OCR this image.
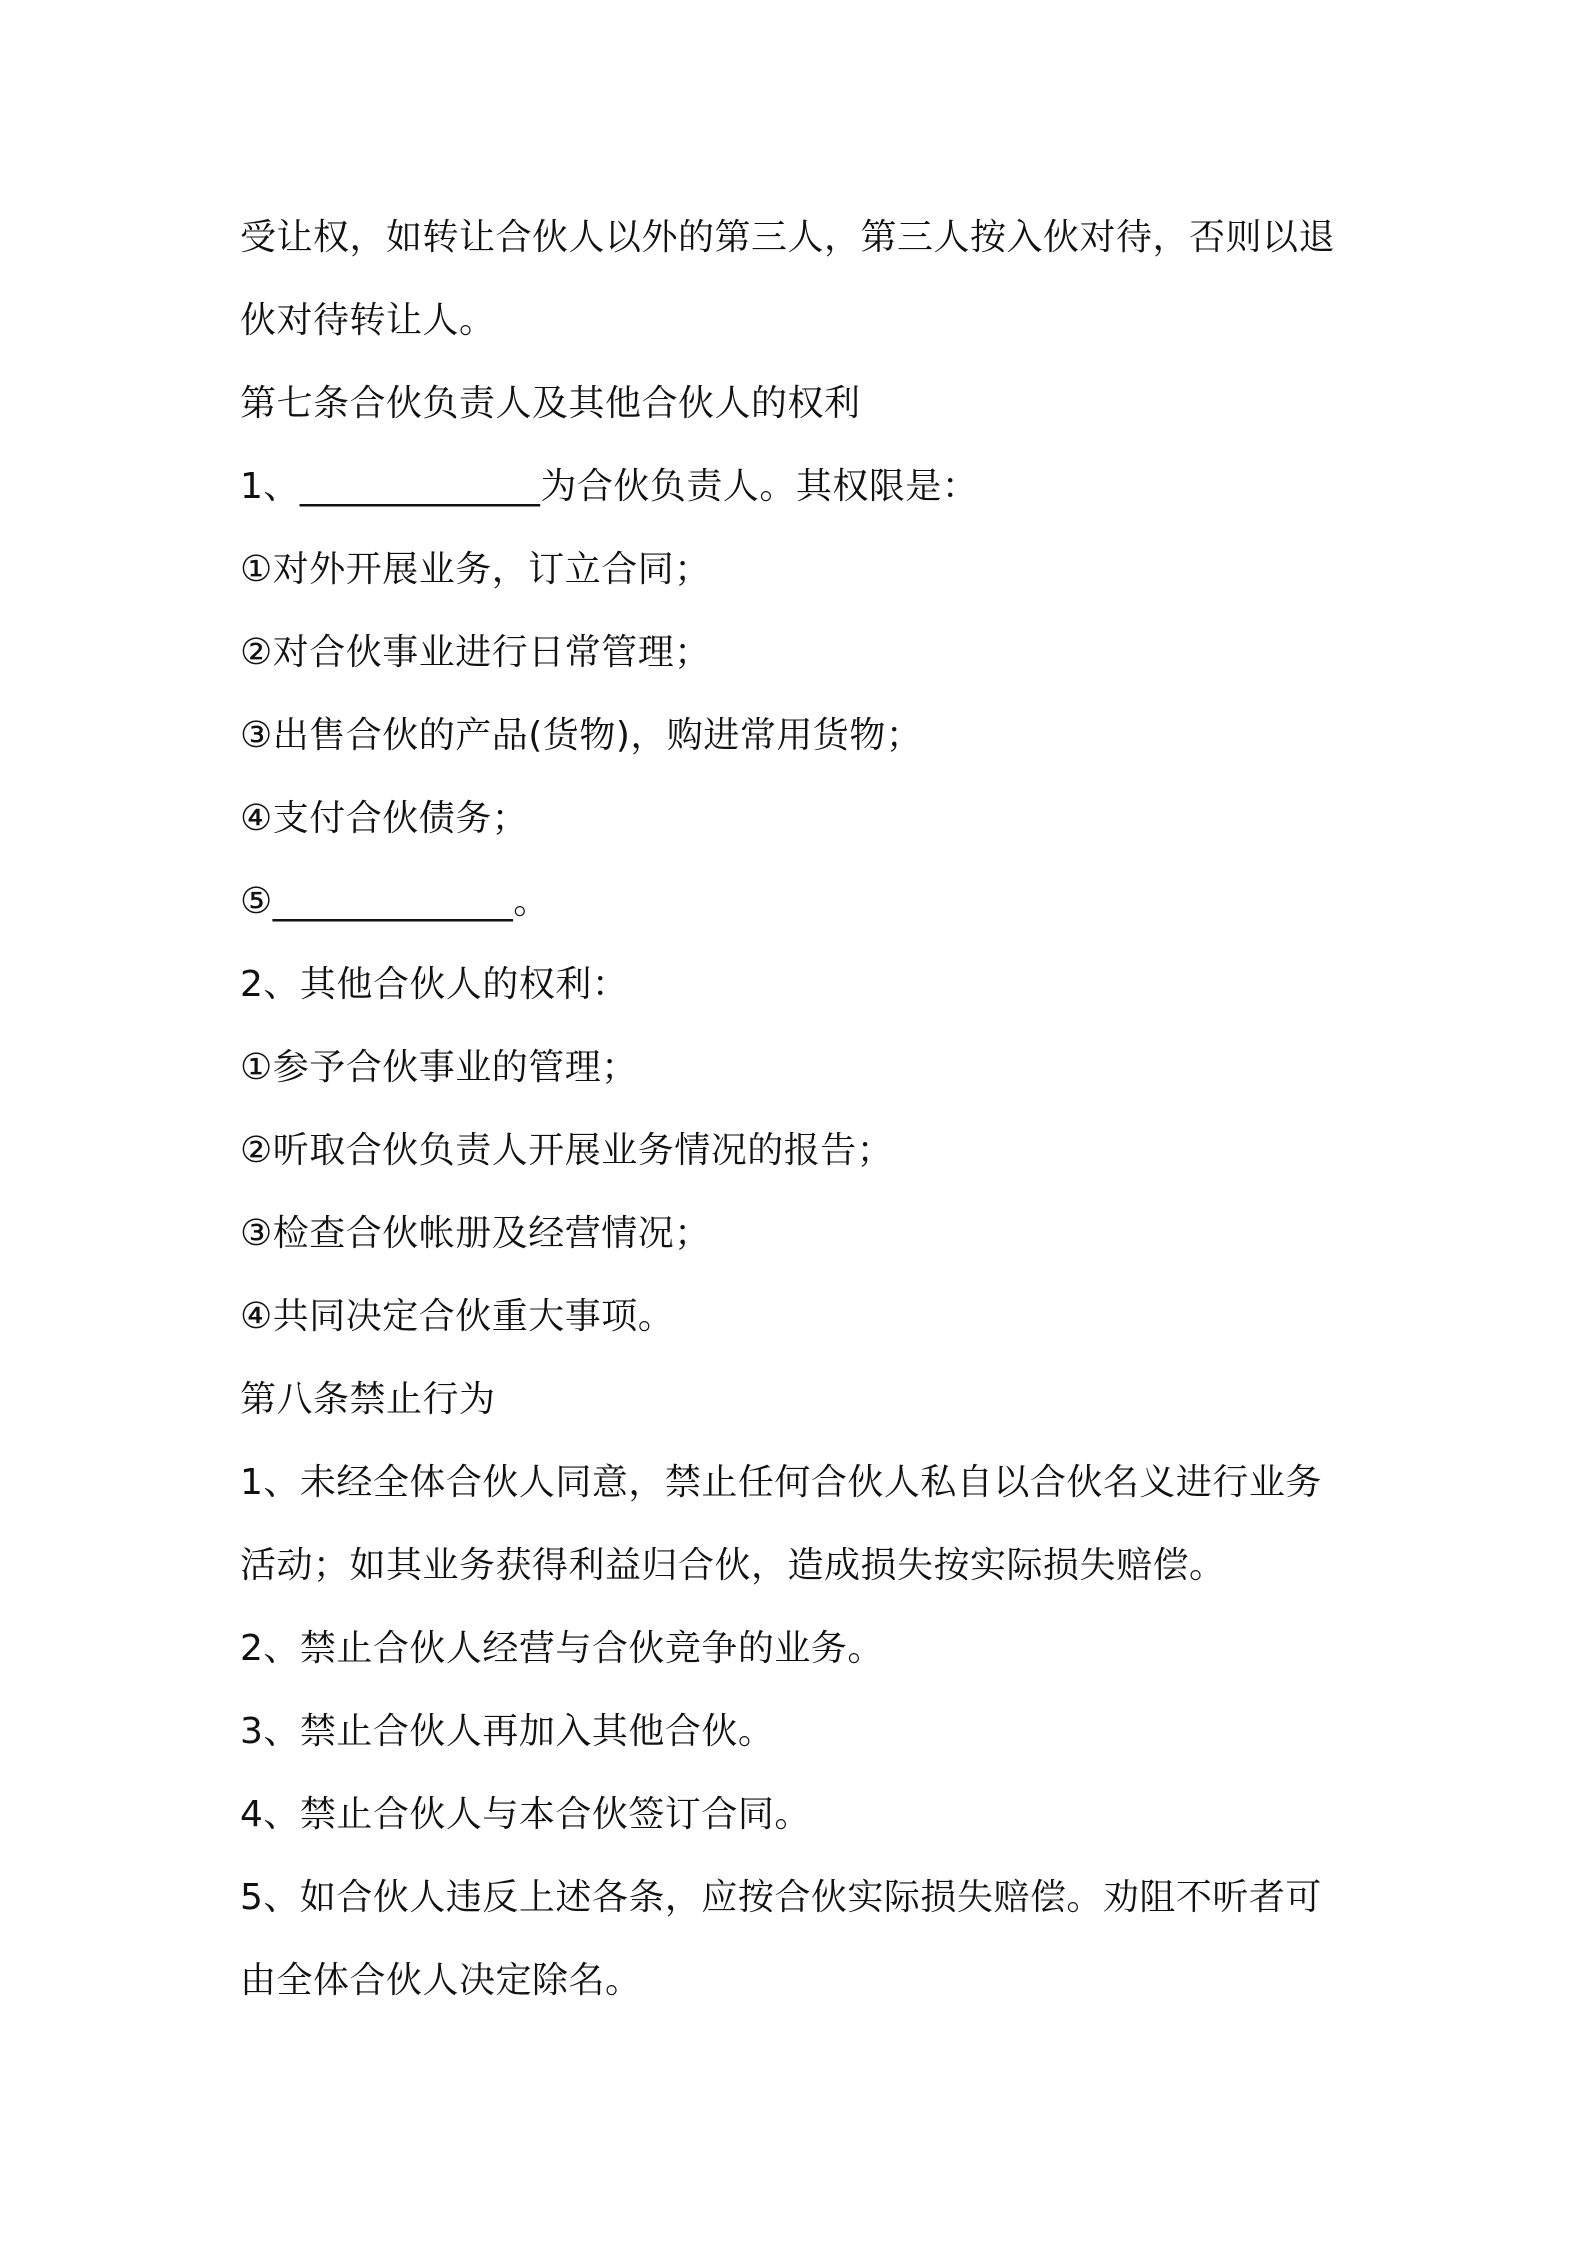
受让权，如转让合伙人以外的第三人，第三人按入伙对待，否则以退
伙对待转让人。
第七条合伙负责人及其他合伙人的权利
1、_____________为合伙负责人。其权限是：
①对外开展业务，订立合同；
②对合伙事业进行日常管理；
③出售合伙的产品(货物)，购进常用货物；
④支付合伙债务；
⑤_____________。
2、其他合伙人的权利：
①参予合伙事业的管理；
②听取合伙负责人开展业务情况的报告；
③检查合伙帐册及经营情况；
④共同决定合伙重大事项。
第八条禁止行为
1、未经全体合伙人同意，禁止任何合伙人私自以合伙名义进行业务
活动；如其业务获得利益归合伙，造成损失按实际损失赔偿。
2、禁止合伙人经营与合伙竞争的业务。
3、禁止合伙人再加入其他合伙。
4、禁止合伙人与本合伙签订合同。
5、如合伙人违反上述各条，应按合伙实际损失赔偿。劝阻不听者可
由全体合伙人决定除名。
